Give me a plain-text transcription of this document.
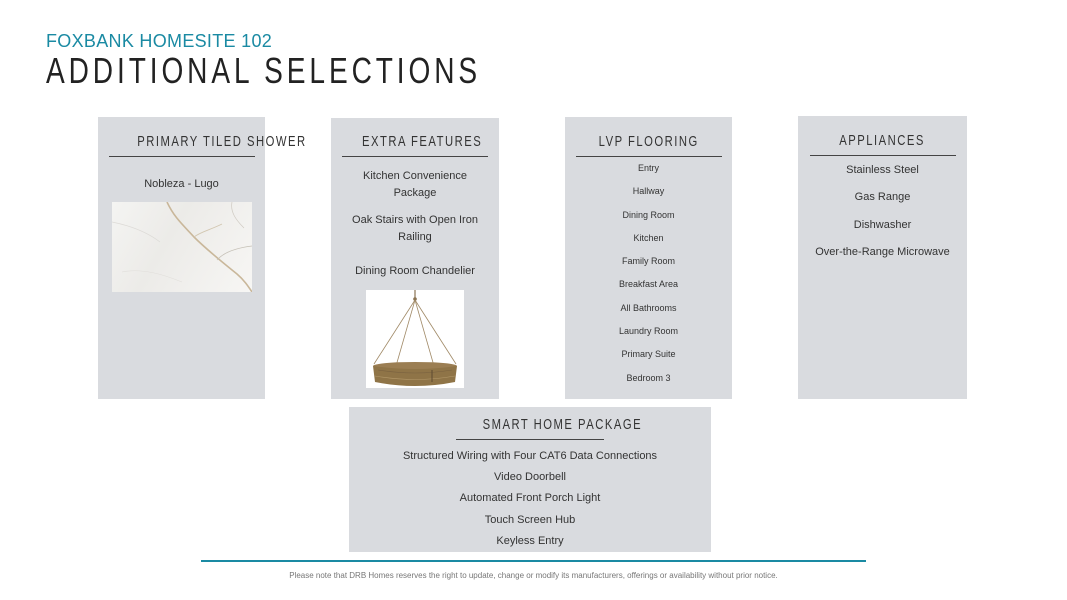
FOXBANK HOMESITE 102
ADDITIONAL SELECTIONS
PRIMARY TILED SHOWER
Nobleza - Lugo
EXTRA FEATURES
Kitchen Convenience Package
Oak Stairs with Open Iron Railing
Dining Room Chandelier
LVP FLOORING
Entry
Hallway
Dining Room
Kitchen
Family Room
Breakfast Area
All Bathrooms
Laundry Room
Primary Suite
Bedroom 3
APPLIANCES
Stainless Steel
Gas Range
Dishwasher
Over-the-Range Microwave
SMART HOME PACKAGE
Structured Wiring with Four CAT6 Data Connections
Video Doorbell
Automated Front Porch Light
Touch Screen Hub
Keyless Entry
Please note that DRB Homes reserves the right to update, change or modify its manufacturers, offerings or availability without prior notice.
